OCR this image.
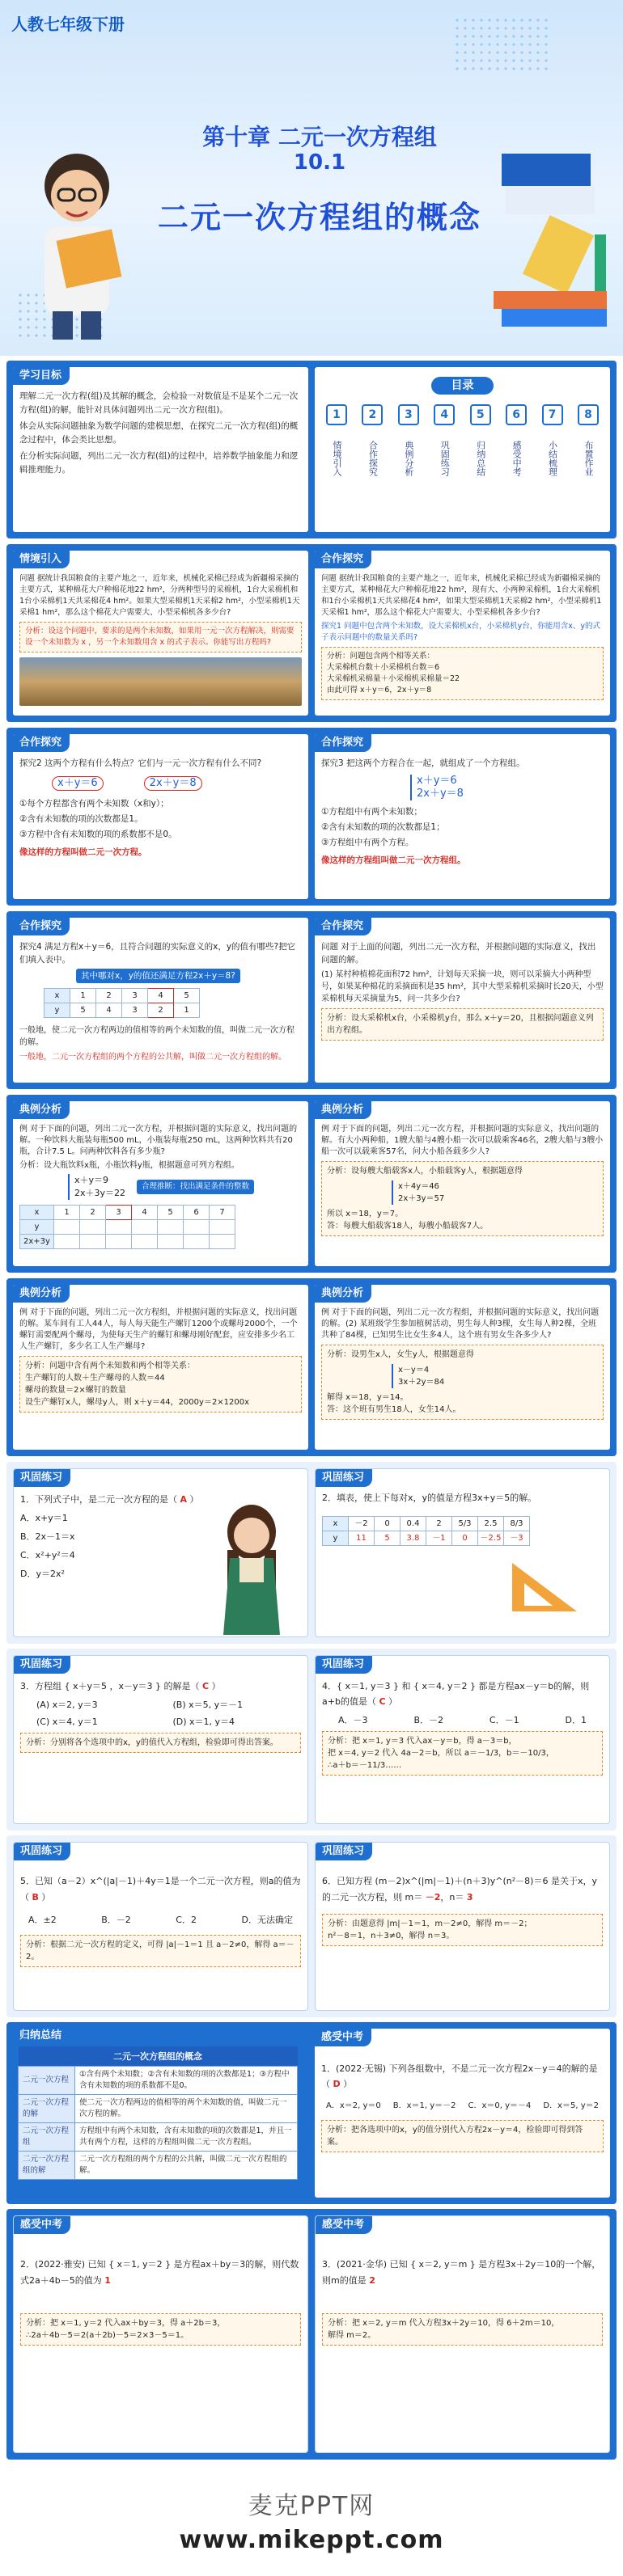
人教七年级下册
第十章 二元一次方程组
10.1
二元一次方程组的概念
学习目标

理解二元一次方程(组)及其解的概念，会检验一对数值是不是某个二元一次方程(组)的解，能针对具体问题列出二元一次方程(组)。

体会从实际问题抽象为数学问题的建模思想，在探究二元一次方程(组)的概念过程中，体会类比思想。

在分析实际问题，列出二元一次方程(组)的过程中，培养数学抽象能力和逻辑推理能力。

目录
1
情境引入
2
合作探究
3
典例分析
4
巩固练习
5
归纳总结
6
感受中考
7
小结梳理
8
布置作业
情境引入

问题 据统计我国粮食的主要产地之一，近年来，机械化采棉已经成为新疆棉采摘的主要方式，某种棉花大户种棉花地22 hm²，分两种型号的采棉机，1台大采棉机和1台小采棉机1天共采棉花4 hm²。如果大型采棉机1天采棉2 hm²，小型采棉机1天采棉1 hm²，那么这个棉花大户需要大、小型采棉机各多少台?

分析：设这个问题中，要求的是两个未知数，如果用一元一次方程解决，则需要设一个未知数为 x ，另一个未知数用含 x 的式子表示。你能写出方程吗?
合作探究

问题 据统计我国粮食的主要产地之一，近年来，机械化采棉已经成为新疆棉采摘的主要方式，某种棉花大户种棉花地22 hm²，现有大、小两种采棉机，1台大采棉机和1台小采棉机1天共采棉花4 hm²，如果大型采棉机1天采棉2 hm²，小型采棉机1天采棉1 hm²，那么这个棉花大户需要大、小型采棉机各多少台?

探究1 问题中包含两个未知数，设大采棉机x台，小采棉机y台，你能用含x、y的式子表示问题中的数量关系吗?

分析：问题包含两个相等关系：
大采棉机台数＋小采棉机台数＝6
大采棉机采棉量＋小采棉机采棉量＝22
由此可得 x＋y＝6，2x＋y＝8
合作探究

探究2 这两个方程有什么特点？它们与一元一次方程有什么不同?

x＋y＝6	2x＋y＝8

①每个方程都含有两个未知数（x和y）；

②含有未知数的项的次数都是1。

③方程中含有未知数的项的系数都不是0。

像这样的方程叫做二元一次方程。

合作探究

探究3 把这两个方程合在一起，就组成了一个方程组。

x＋y＝6
2x＋y＝8

①方程组中有两个未知数；

②含有未知数的项的次数都是1；

③方程组中有两个方程。

像这样的方程组叫做二元一次方程组。

合作探究

探究4 满足方程x＋y＝6，且符合问题的实际意义的x，y的值有哪些?把它们填入表中。

其中哪对x，y的值还满足方程2x＋y＝8?
x	1	2	3	4	5
y	5	4	3	2	1

一般地，使二元一次方程两边的值相等的两个未知数的值，叫做二元一次方程的解。

一般地，二元一次方程组的两个方程的公共解，叫做二元一次方程组的解。

合作探究

问题 对于上面的问题，列出二元一次方程，并根据问题的实际意义，找出问题的解。

(1) 某村种植棉花面积72 hm²，计划每天采摘一块，则可以采摘大小两种型号，如果某种棉花的采摘面积是35 hm²，其中大型采棉机采摘时长20天，小型采棉机每天采摘量为5，问一共多少台?

分析：设大采棉机x台，小采棉机y台，那么 x＋y＝20，且根据问题意义列出方程组。
典例分析

例 对于下面的问题，列出二元一次方程，并根据问题的实际意义，找出问题的解。一种饮料大瓶装每瓶500 mL，小瓶装每瓶250 mL，这两种饮料共有20瓶，合计7.5 L。问两种饮料各有多少瓶?

分析：设大瓶饮料x瓶，小瓶饮料y瓶，根据题意可列方程组。

x＋y＝9
2x＋3y＝22
合理推断：找出满足条件的整数
x	1	2	3	4	5	6	7
y							
2x+3y							
典例分析

例 对于下面的问题，列出二元一次方程，并根据问题的实际意义，找出问题的解。有大小两种船，1艘大船与4艘小船一次可以载乘客46名，2艘大船与3艘小船一次可以载乘客57名，问大小船各载多少人?

分析：设每艘大船载客x人，小船载客y人，根据题意得
x＋4y＝46
2x＋3y＝57
所以 x＝18，y＝7。
答：每艘大船载客18人，每艘小船载客7人。
典例分析

例 对于下面的问题，列出二元一次方程组，并根据问题的实际意义，找出问题的解。某车间有工人44人，每人每天能生产螺钉1200个或螺母2000个，一个螺钉需要配两个螺母，为使每天生产的螺钉和螺母刚好配套，应安排多少名工人生产螺钉，多少名工人生产螺母?

分析：问题中含有两个未知数和两个相等关系：
生产螺钉的人数＋生产螺母的人数＝44
螺母的数量＝2×螺钉的数量
设生产螺钉x人，螺母y人，则 x＋y＝44，2000y＝2×1200x
典例分析

例 对于下面的问题，列出二元一次方程组，并根据问题的实际意义，找出问题的解。(2) 某班级学生参加植树活动，男生每人种3棵，女生每人种2棵，全班共种了84棵，已知男生比女生多4人，这个班有男女生各多少人?

分析：设男生x人，女生y人，根据题意得
x－y＝4
3x＋2y＝84
解得 x＝18，y＝14。
答：这个班有男生18人，女生14人。
巩固练习

1．下列式子中，是二元一次方程的是（ A ）

A．x+y＝1

B．2x－1＝x

C．x²+y²＝4

D．y＝2x²

巩固练习

2．填表，使上下每对x，y的值是方程3x+y＝5的解。

x	－2	0	0.4	2	5/3	2.5	8/3
y	11	5	3.8	－1	0	－2.5	－3
巩固练习

3．方程组 { x＋y＝5 ，x－y＝3 } 的解是（ C ）

(A) x＝2, y＝3	(B) x＝5, y＝－1
(C) x＝4, y＝1	(D) x＝1, y＝4
分析：分别将各个选项中的x，y的值代入方程组，检验即可得出答案。
巩固练习

4．{ x＝1, y＝3 } 和 { x＝4, y＝2 } 都是方程ax－y＝b的解，则a+b的值是（ C ）

A．－3	B．－2	C．－1	D．1
分析：把 x＝1, y＝3 代入ax－y＝b，得 a－3＝b，
把 x＝4, y＝2 代入 4a－2＝b，所以 a＝－1/3，b＝－10/3，
∴a＋b＝－11/3……
巩固练习

5．已知（a－2）x^(|a|－1)＋4y＝1是一个二元一次方程，则a的值为（ B ）

A．±2	B．－2	C．2	D．无法确定
分析：根据二元一次方程的定义，可得 |a|－1＝1 且 a－2≠0，解得 a＝－2。
巩固练习

6．已知方程 (m－2)x^(|m|－1)＋(n＋3)y^(n²－8)＝6 是关于x，y的二元一次方程，则 m＝ －2，n＝ 3

分析：由题意得 |m|－1＝1，m－2≠0，解得 m＝－2；
n²－8＝1，n＋3≠0，解得 n＝3。
归纳总结
二元一次方程组的概念	
二元一次方程	①含有两个未知数；②含有未知数的项的次数都是1；③方程中含有未知数的项的系数都不是0。
二元一次方程的解	使二元一次方程两边的值相等的两个未知数的值，叫做二元一次方程的解。
二元一次方程组	方程组中有两个未知数，含有未知数的项的次数都是1，并且一共有两个方程，这样的方程组叫做二元一次方程组。
二元一次方程组的解	二元一次方程组的两个方程的公共解，叫做二元一次方程组的解。
感受中考

1．(2022·无锡) 下列各组数中，不是二元一次方程2x－y＝4的解的是（ D ）

A．x＝2, y＝0 B．x＝1, y＝－2 C．x＝0, y＝－4 D．x＝5, y＝2
分析：把各选项中的x，y的值分别代入方程2x－y＝4，检验即可得到答案。
感受中考

2．(2022·雅安) 已知 { x＝1, y＝2 } 是方程ax＋by＝3的解，则代数式2a＋4b－5的值为 1

分析：把 x＝1, y＝2 代入ax＋by＝3，得 a＋2b＝3，
∴2a＋4b－5＝2(a＋2b)－5＝2×3－5＝1。
感受中考

3．(2021·金华) 已知 { x＝2, y＝m } 是方程3x＋2y＝10的一个解，则m的值是 2

分析：把 x＝2, y＝m 代入方程3x＋2y＝10，得 6＋2m＝10，
解得 m＝2。
麦克PPT网
www.mikeppt.com
